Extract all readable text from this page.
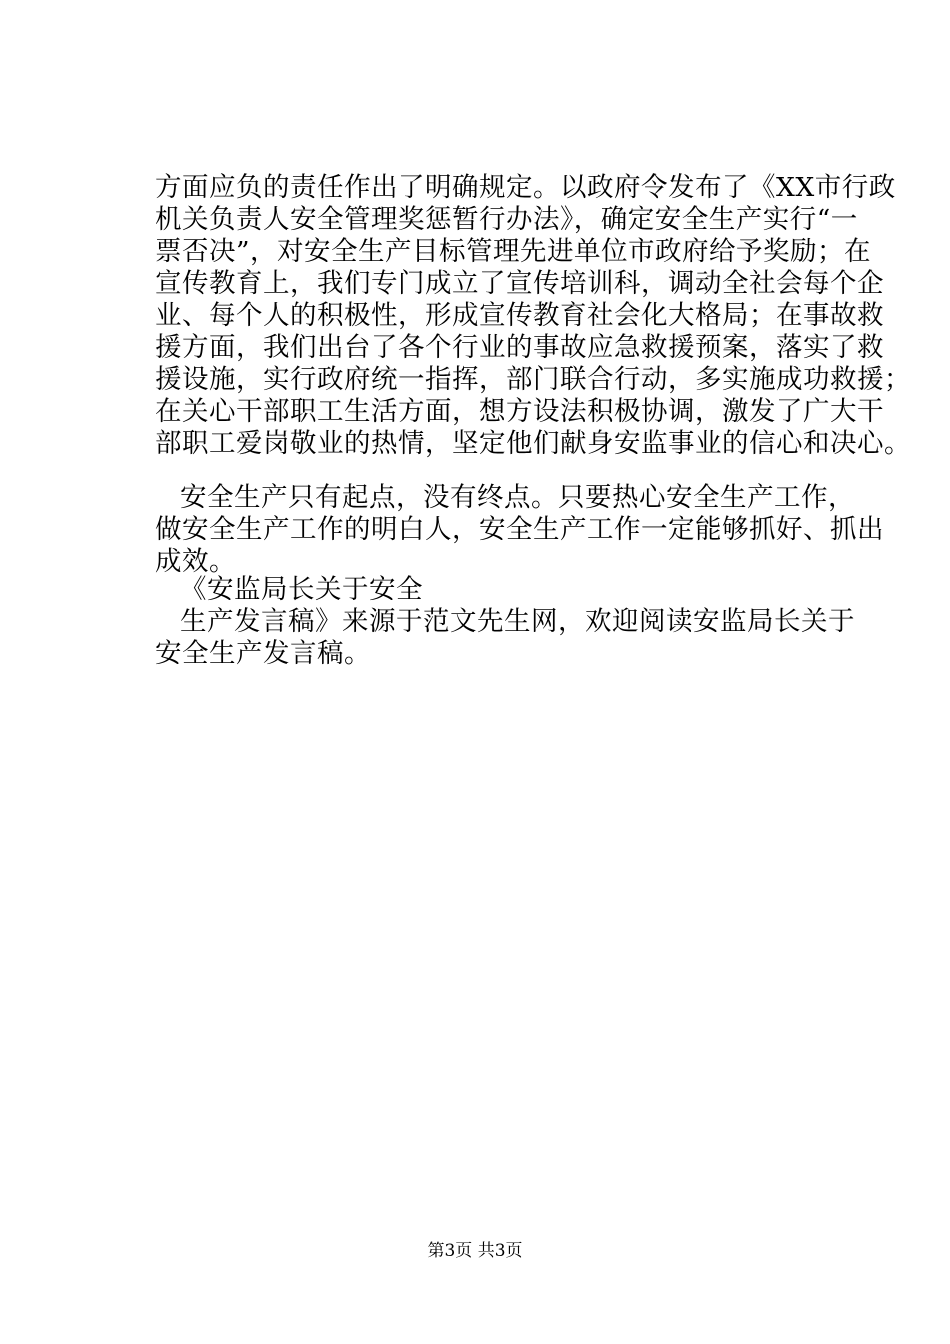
方面应负的责任作出了明确规定。以政府令发布了《XX市行政
机关负责人安全管理奖惩暂行办法》，确定安全生产实行“一
票否决”，对安全生产目标管理先进单位市政府给予奖励；在
宣传教育上，我们专门成立了宣传培训科，调动全社会每个企
业、每个人的积极性，形成宣传教育社会化大格局；在事故救
援方面，我们出台了各个行业的事故应急救援预案，落实了救
援设施，实行政府统一指挥，部门联合行动，多实施成功救援；
在关心干部职工生活方面，想方设法积极协调，激发了广大干
部职工爱岗敬业的热情，坚定他们献身安监事业的信心和决心。
安全生产只有起点，没有终点。只要热心安全生产工作，
做安全生产工作的明白人，安全生产工作一定能够抓好、抓出
成效。
《安监局长关于安全
生产发言稿》来源于范文先生网，欢迎阅读安监局长关于
安全生产发言稿。
第3页 共3页
